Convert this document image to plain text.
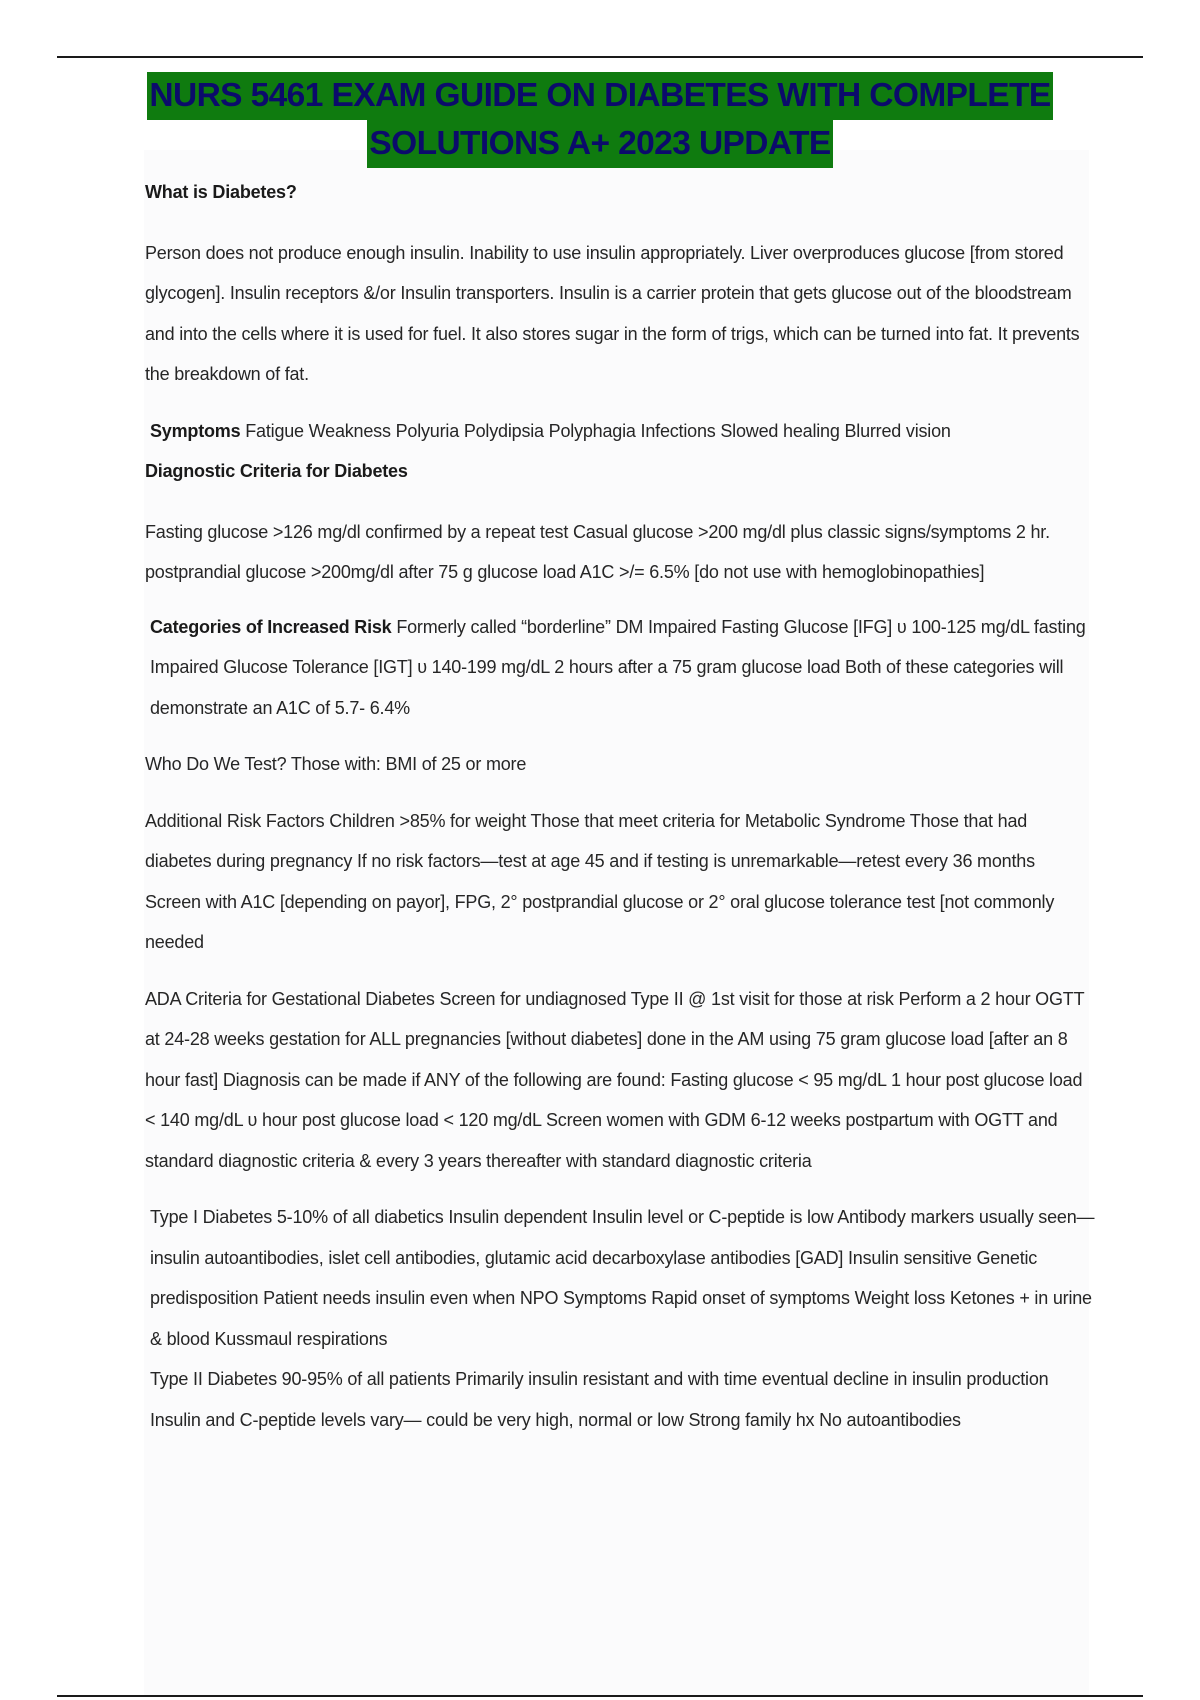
NURS 5461 EXAM GUIDE ON DIABETES WITH COMPLETE
SOLUTIONS A+ 2023 UPDATE

What is Diabetes?

Person does not produce enough insulin. Inability to use insulin appropriately. Liver overproduces glucose [from stored glycogen]. Insulin receptors &/or Insulin transporters. Insulin is a carrier protein that gets glucose out of the bloodstream and into the cells where it is used for fuel. It also stores sugar in the form of trigs, which can be turned into fat. It prevents the breakdown of fat.

Symptoms Fatigue Weakness Polyuria Polydipsia Polyphagia Infections Slowed healing Blurred vision

Diagnostic Criteria for Diabetes

Fasting glucose >126 mg/dl confirmed by a repeat test Casual glucose >200 mg/dl plus classic signs/symptoms 2 hr. postprandial glucose >200mg/dl after 75 g glucose load A1C >/= 6.5% [do not use with hemoglobinopathies]

Categories of Increased Risk Formerly called “borderline” DM Impaired Fasting Glucose [IFG] υ 100-125 mg/dL fasting Impaired Glucose Tolerance [IGT] υ 140-199 mg/dL 2 hours after a 75 gram glucose load Both of these categories will demonstrate an A1C of 5.7- 6.4%

Who Do We Test? Those with: BMI of 25 or more

Additional Risk Factors Children >85% for weight Those that meet criteria for Metabolic Syndrome Those that had diabetes during pregnancy If no risk factors—test at age 45 and if testing is unremarkable—retest every 36 months Screen with A1C [depending on payor], FPG, 2° postprandial glucose or 2° oral glucose tolerance test [not commonly needed

ADA Criteria for Gestational Diabetes Screen for undiagnosed Type II @ 1st visit for those at risk Perform a 2 hour OGTT at 24-28 weeks gestation for ALL pregnancies [without diabetes] done in the AM using 75 gram glucose load [after an 8 hour fast] Diagnosis can be made if ANY of the following are found: Fasting glucose < 95 mg/dL 1 hour post glucose load < 140 mg/dL υ hour post glucose load < 120 mg/dL Screen women with GDM 6-12 weeks postpartum with OGTT and standard diagnostic criteria & every 3 years thereafter with standard diagnostic criteria

Type I Diabetes 5-10% of all diabetics Insulin dependent Insulin level or C-peptide is low Antibody markers usually seen—insulin autoantibodies, islet cell antibodies, glutamic acid decarboxylase antibodies [GAD] Insulin sensitive Genetic predisposition Patient needs insulin even when NPO Symptoms Rapid onset of symptoms Weight loss Ketones + in urine & blood Kussmaul respirations

Type II Diabetes 90-95% of all patients Primarily insulin resistant and with time eventual decline in insulin production Insulin and C-peptide levels vary— could be very high, normal or low Strong family hx No autoantibodies
